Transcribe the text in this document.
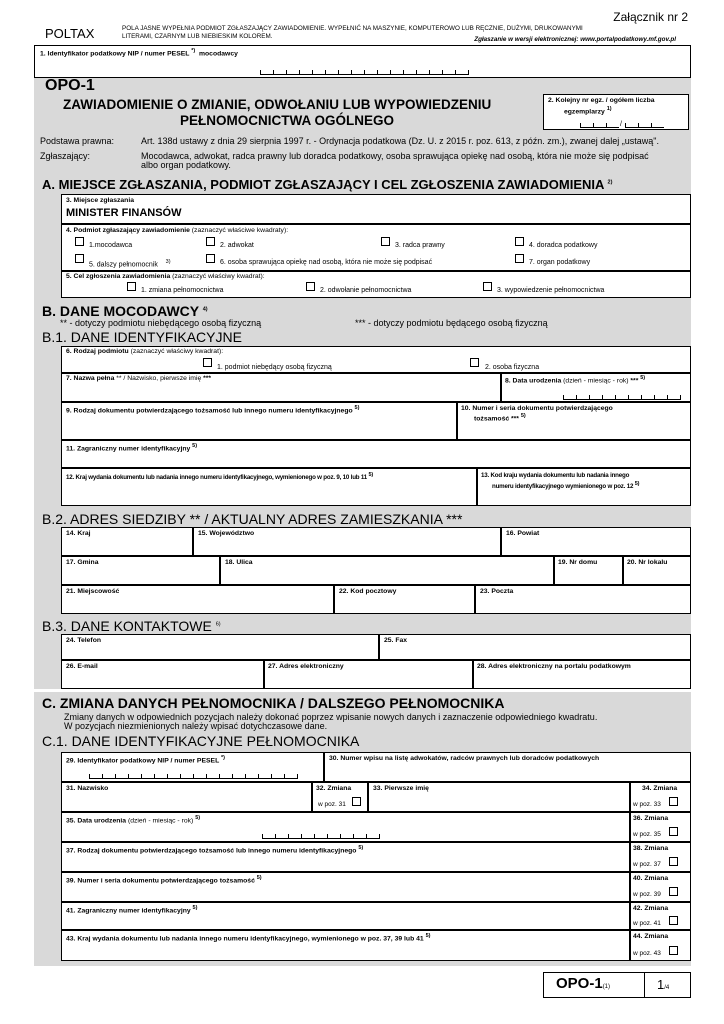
Załącznik nr 2
POLTAX	POLA JASNE WYPEŁNIA PODMIOT ZGŁASZAJĄCY ZAWIADOMIENIE. WYPEŁNIĆ NA MASZYNIE, KOMPUTEROWO LUB RĘCZNIE, DUŻYMI, DRUKOWANYMI
LITERAMI, CZARNYM LUB NIEBIESKIM KOLOREM.	Zgłaszanie w wersji elektronicznej: www.portalpodatkowy.mf.gov.pl
1. Identyfikator podatkowy NIP / numer PESEL *) mocodawcy
OPO-1
ZAWIADOMIENIE O ZMIANIE, ODWOŁANIU LUB WYPOWIEDZENIU
PEŁNOMOCNICTWA OGÓLNEGO
2. Kolejny nr egz. / ogółem liczba
egzemplarzy $^{1)}$
/
Podstawa prawna:	Art. 138d ustawy z dnia 29 sierpnia 1997 r. - Ordynacja podatkowa (Dz. U. z 2015 r. poz. 613, z późn. zm.), zwanej dalej „ustawą".
Zgłaszający:	Mocodawca, adwokat, radca prawny lub doradca podatkowy, osoba sprawująca opiekę nad osobą, która nie może się podpisać
albo organ podatkowy.
A. MIEJSCE ZGŁASZANIA, PODMIOT ZGŁASZAJĄCY I CEL ZGŁOSZENIA ZAWIADOMIENIA $^{2)}$
3. Miejsce zgłaszania
MINISTER FINANSÓW
4. Podmiot zgłaszający zawiadomienie (zaznaczyć właściwe kwadraty):
1.mocodawca	2. adwokat	3. radca prawny	4. doradca podatkowy
5. dalszy pełnomocnik $^{3)}$	6. osoba sprawująca opiekę nad osobą, która nie może się podpisać	7. organ podatkowy
5. Cel zgłoszenia zawiadomienia (zaznaczyć właściwy kwadrat):
1. zmiana pełnomocnictwa	2. odwołanie pełnomocnictwa	3. wypowiedzenie pełnomocnictwa
B. DANE MOCODAWCY $^{4)}$
** - dotyczy podmiotu niebędącego osobą fizyczną	*** - dotyczy podmiotu będącego osobą fizyczną
B.1. DANE IDENTYFIKACYJNE
6. Rodzaj podmiotu (zaznaczyć właściwy kwadrat):
1. podmiot niebędący osobą fizyczną	2. osoba fizyczna
7. Nazwa pełna ** / Nazwisko, pierwsze imię ***	8. Data urodzenia (dzień - miesiąc - rok) *** $^{5)}$
9. Rodzaj dokumentu potwierdzającego tożsamość lub innego numeru identyfikacyjnego $^{5)}$	10. Numer i seria dokumentu potwierdzającego
tożsamość *** $^{5)}$
11. Zagraniczny numer identyfikacyjny $^{5)}$
12. Kraj wydania dokumentu lub nadania innego numeru identyfikacyjnego, wymienionego w poz. 9, 10 lub 11 $^{5)}$	13. Kod kraju wydania dokumentu lub nadania innego
numeru identyfikacyjnego wymienionego w poz. 12 $^{5)}$
B.2. ADRES SIEDZIBY ** / AKTUALNY ADRES ZAMIESZKANIA ***
14. Kraj	15. Województwo	16. Powiat
17. Gmina	18. Ulica	19. Nr domu	20. Nr lokalu
21. Miejscowość	22. Kod pocztowy	23. Poczta
B.3. DANE KONTAKTOWE $^{6)}$
24. Telefon	25. Fax
26. E-mail	27. Adres elektroniczny	28. Adres elektroniczny na portalu podatkowym
C. ZMIANA DANYCH PEŁNOMOCNIKA / DALSZEGO PEŁNOMOCNIKA
Zmiany danych w odpowiednich pozycjach należy dokonać poprzez wpisanie nowych danych i zaznaczenie odpowiedniego kwadratu.
W pozycjach niezmienionych należy wpisać dotychczasowe dane.
C.1. DANE IDENTYFIKACYJNE PEŁNOMOCNIKA
29. Identyfikator podatkowy NIP / numer PESEL *)	30. Numer wpisu na listę adwokatów, radców prawnych lub doradców podatkowych
31. Nazwisko	32. Zmiana
w poz. 31
33. Pierwsze imię	34. Zmiana
w poz. 33
35. Data urodzenia (dzień - miesiąc - rok) $^{5)}$	36. Zmiana
w poz. 35
37. Rodzaj dokumentu potwierdzającego tożsamość lub innego numeru identyfikacyjnego $^{5)}$	38. Zmiana
w poz. 37
39. Numer i seria dokumentu potwierdzającego tożsamość $^{5)}$	40. Zmiana
w poz. 39
41. Zagraniczny numer identyfikacyjny $^{5)}$	42. Zmiana
w poz. 41
43. Kraj wydania dokumentu lub nadania innego numeru identyfikacyjnego, wymienionego w poz. 37, 39 lub 41 $^{5)}$	44. Zmiana
w poz. 43
OPO-1(1)	1/4
